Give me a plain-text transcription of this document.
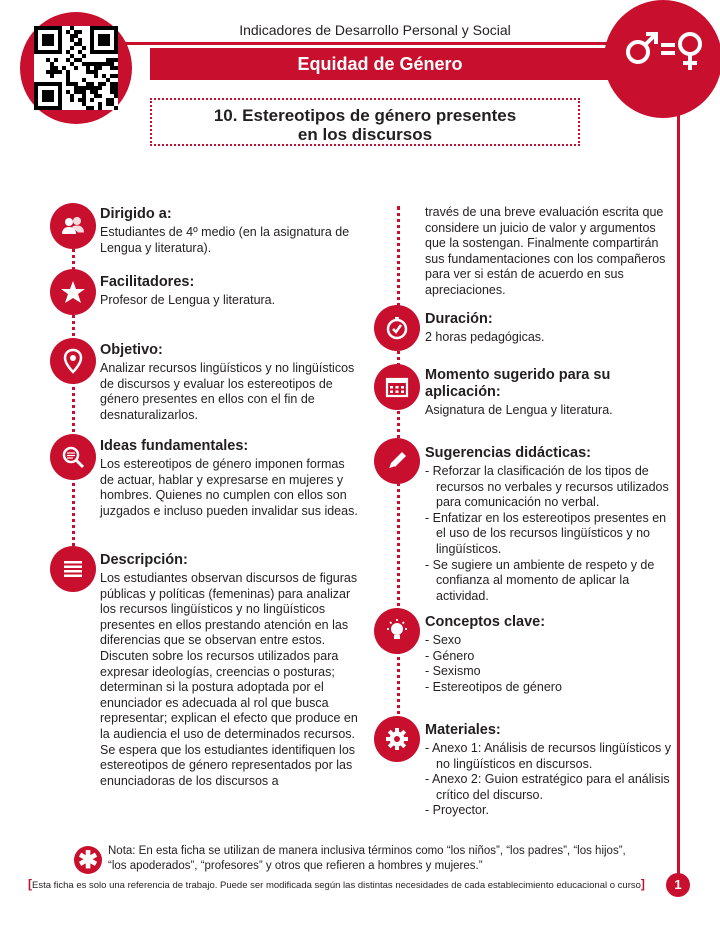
Indicadores de Desarrollo Personal y Social
Equidad de Género
10. Estereotipos de género presentes
en los discursos
Dirigido a:

Estudiantes de 4º medio (en la asignatura de Lengua y literatura).

Facilitadores:

Profesor de Lengua y literatura.

Objetivo:

Analizar recursos lingüísticos y no lingüísticos de discursos y evaluar los estereotipos de género presentes en ellos con el fin de desnaturalizarlos.

Ideas fundamentales:

Los estereotipos de género imponen formas de actuar, hablar y expresarse en mujeres y hombres. Quienes no cumplen con ellos son juzgados e incluso pueden invalidar sus ideas.

Descripción:

Los estudiantes observan discursos de figuras públicas y políticas (femeninas) para analizar los recursos lingüísticos y no lingüísticos presentes en ellos prestando atención en las diferencias que se observan entre estos. Discuten sobre los recursos utilizados para expresar ideologías, creencias o posturas; determinan si la postura adoptada por el enunciador es adecuada al rol que busca representar; explican el efecto que produce en la audiencia el uso de determinados recursos. Se espera que los estudiantes identifiquen los estereotipos de género representados por las enunciadoras de los discursos a

través de una breve evaluación escrita que considere un juicio de valor y argumentos que la sostengan. Finalmente compartirán sus fundamentaciones con los compañeros para ver si están de acuerdo en sus apreciaciones.

Duración:

2 horas pedagógicas.

Momento sugerido para su aplicación:

Asignatura de Lengua y literatura.

Sugerencias didácticas:
- Reforzar la clasificación de los tipos de recursos no verbales y recursos utilizados para comunicación no verbal.
- Enfatizar en los estereotipos presentes en el uso de los recursos lingüísticos y no lingüísticos.
- Se sugiere un ambiente de respeto y de confianza al momento de aplicar la actividad.
Conceptos clave:
- Sexo
- Género
- Sexismo
- Estereotipos de género
Materiales:
- Anexo 1: Análisis de recursos lingüísticos y no lingüísticos en discursos.
- Anexo 2: Guion estratégico para el análisis crítico del discurso.
- Proyector.
✱ Nota: En esta ficha se utilizan de manera inclusiva términos como “los niños”, “los padres”, “los hijos”, “los apoderados”, “profesores” y otros que refieren a hombres y mujeres.”
[Esta ficha es solo una referencia de trabajo. Puede ser modificada según las distintas necesidades de cada establecimiento educacional o curso]	1
